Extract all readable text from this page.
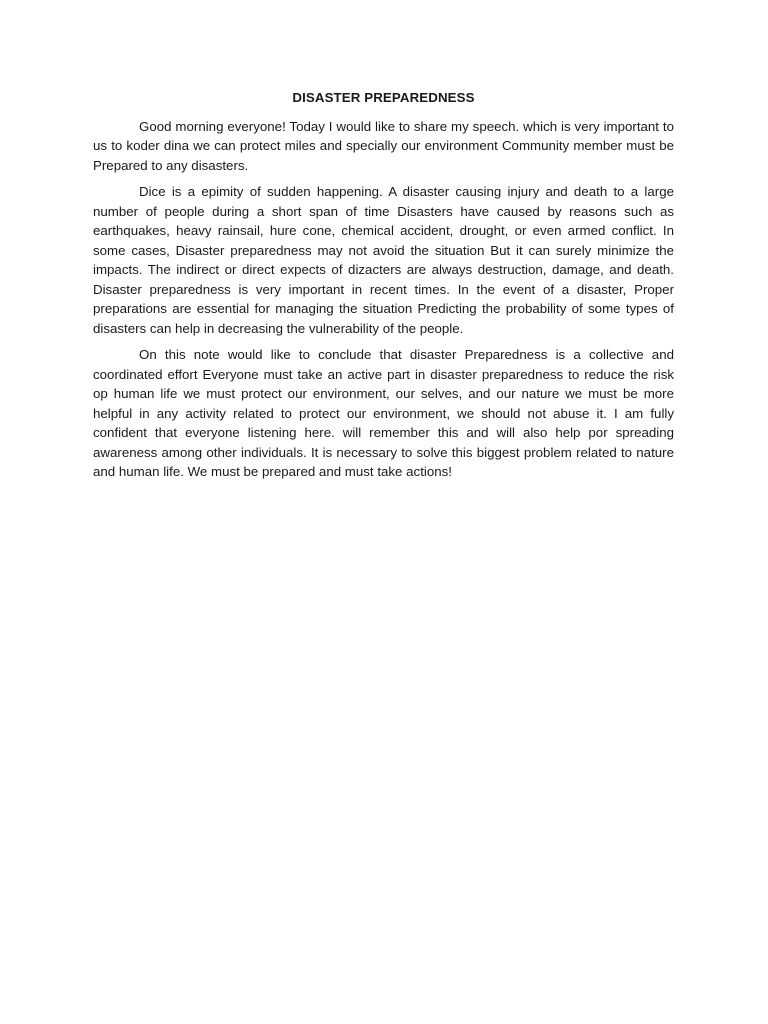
DISASTER PREPAREDNESS

Good morning everyone! Today I would like to share my speech. which is very important to us to koder dina we can protect miles and specially our environment Community member must be Prepared to any disasters.

Dice is a epimity of sudden happening. A disaster causing injury and death to a large number of people during a short span of time Disasters have caused by reasons such as earthquakes, heavy rainsail, hure cone, chemical accident, drought, or even armed conflict. In some cases, Disaster preparedness may not avoid the situation But it can surely minimize the impacts. The indirect or direct expects of dizacters are always destruction, damage, and death. Disaster preparedness is very important in recent times. In the event of a disaster, Proper preparations are essential for managing the situation Predicting the probability of some types of disasters can help in decreasing the vulnerability of the people.

On this note would like to conclude that disaster Preparedness is a collective and coordinated effort Everyone must take an active part in disaster preparedness to reduce the risk op human life we must protect our environment, our selves, and our nature we must be more helpful in any activity related to protect our environment, we should not abuse it. I am fully confident that everyone listening here. will remember this and will also help por spreading awareness among other individuals. It is necessary to solve this biggest problem related to nature and human life. We must be prepared and must take actions!
